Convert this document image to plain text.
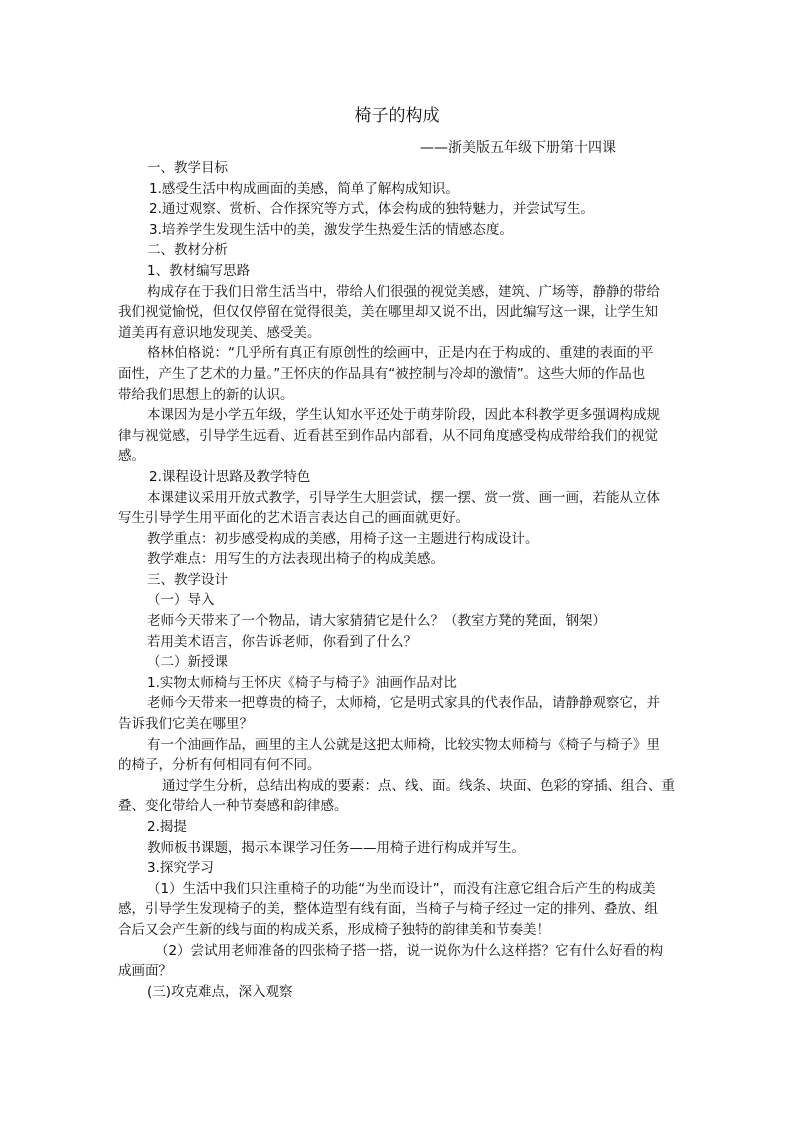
椅子的构成
——浙美版五年级下册第十四课
一、教学目标
1.感受生活中构成画面的美感，简单了解构成知识。
2.通过观察、赏析、合作探究等方式，体会构成的独特魅力，并尝试写生。
3.培养学生发现生活中的美，激发学生热爱生活的情感态度。
二、教材分析
1、教材编写思路
构成存在于我们日常生活当中，带给人们很强的视觉美感，建筑、广场等，静静的带给
我们视觉愉悦，但仅仅停留在觉得很美，美在哪里却又说不出，因此编写这一课，让学生知
道美再有意识地发现美、感受美。
格林伯格说：“几乎所有真正有原创性的绘画中，正是内在于构成的、重建的表面的平
面性，产生了艺术的力量。”王怀庆的作品具有“被控制与冷却的激情”。这些大师的作品也
带给我们思想上的新的认识。
本课因为是小学五年级，学生认知水平还处于萌芽阶段，因此本科教学更多强调构成规
律与视觉感，引导学生远看、近看甚至到作品内部看，从不同角度感受构成带给我们的视觉
感。
2.课程设计思路及教学特色
本课建议采用开放式教学，引导学生大胆尝试，摆一摆、赏一赏、画一画，若能从立体
写生引导学生用平面化的艺术语言表达自己的画面就更好。
教学重点：初步感受构成的美感，用椅子这一主题进行构成设计。
教学难点：用写生的方法表现出椅子的构成美感。
三、教学设计
（一）导入
老师今天带来了一个物品，请大家猜猜它是什么？（教室方凳的凳面，钢架）
若用美术语言，你告诉老师，你看到了什么？
（二）新授课
1.实物太师椅与王怀庆《椅子与椅子》油画作品对比
老师今天带来一把尊贵的椅子，太师椅，它是明式家具的代表作品，请静静观察它，并
告诉我们它美在哪里？
有一个油画作品，画里的主人公就是这把太师椅，比较实物太师椅与《椅子与椅子》里
的椅子，分析有何相同有何不同。
通过学生分析，总结出构成的要素：点、线、面。线条、块面、色彩的穿插、组合、重
叠、变化带给人一种节奏感和韵律感。
2.揭提
教师板书课题，揭示本课学习任务——用椅子进行构成并写生。
3.探究学习
（1）生活中我们只注重椅子的功能“为坐而设计”，而没有注意它组合后产生的构成美
感，引导学生发现椅子的美，整体造型有线有面，当椅子与椅子经过一定的排列、叠放、组
合后又会产生新的线与面的构成关系，形成椅子独特的韵律美和节奏美！
（2）尝试用老师准备的四张椅子搭一搭，说一说你为什么这样搭？它有什么好看的构
成画面？
(三)攻克难点，深入观察
